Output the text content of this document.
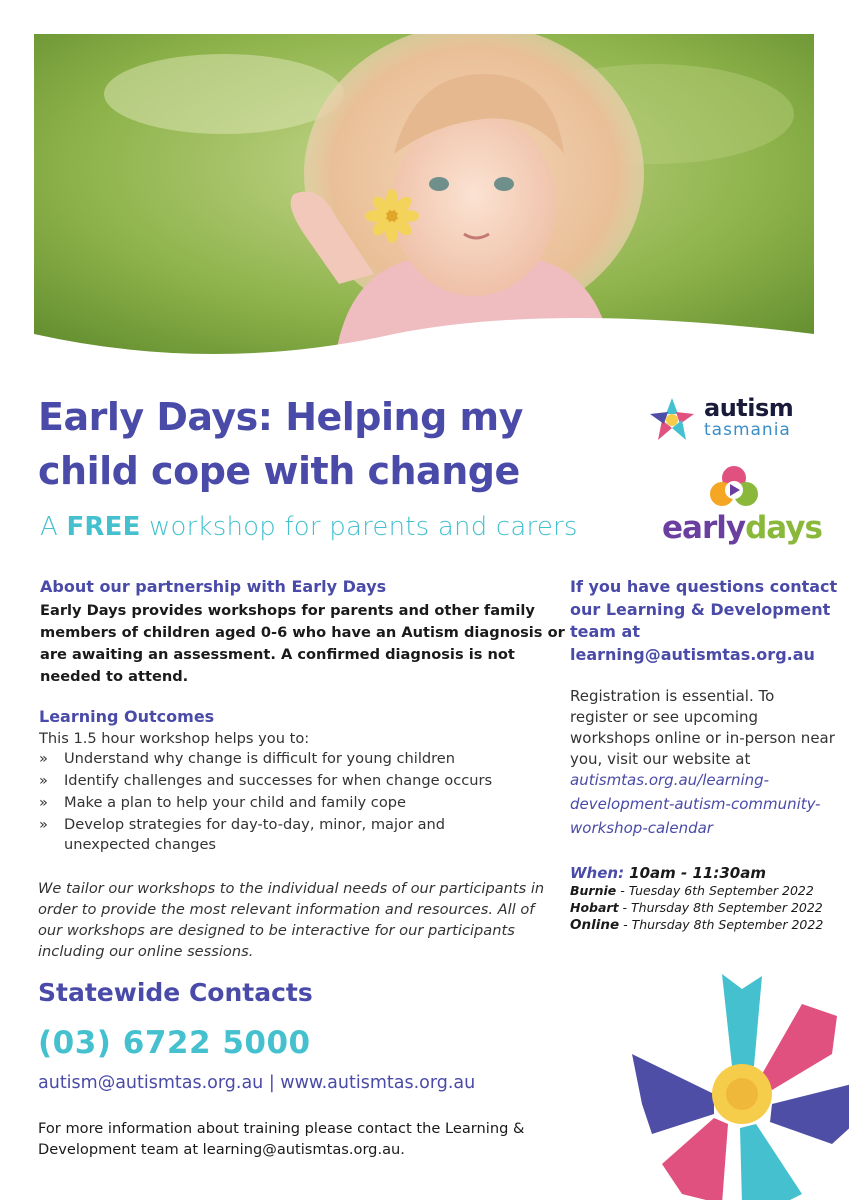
Early Days: Helping my
child cope with change
A FREE workshop for parents and carers
autism
tasmania
earlydays
About our partnership with Early Days
Early Days provides workshops for parents and other family members of children aged 0-6 who have an Autism diagnosis or are awaiting an assessment. A confirmed diagnosis is not needed to attend.
Learning Outcomes
This 1.5 hour workshop helps you to:
» Understand why change is difficult for young children
» Identify challenges and successes for when change occurs
» Make a plan to help your child and family cope
» Develop strategies for day-to-day, minor, major and unexpected changes
We tailor our workshops to the individual needs of our participants in order to provide the most relevant information and resources. All of our workshops are designed to be interactive for our participants including our online sessions.
Statewide Contacts
(03) 6722 5000
autism@autismtas.org.au | www.autismtas.org.au
For more information about training please contact the Learning & Development team at learning@autismtas.org.au.
If you have questions contact our Learning & Development team at learning@autismtas.org.au
Registration is essential. To register or see upcoming workshops online or in-person near you, visit our website at
autismtas.org.au/learning-development-autism-community-workshop-calendar
When: 10am - 11:30am
Burnie - Tuesday 6th September 2022
Hobart - Thursday 8th September 2022
Online - Thursday 8th September 2022
